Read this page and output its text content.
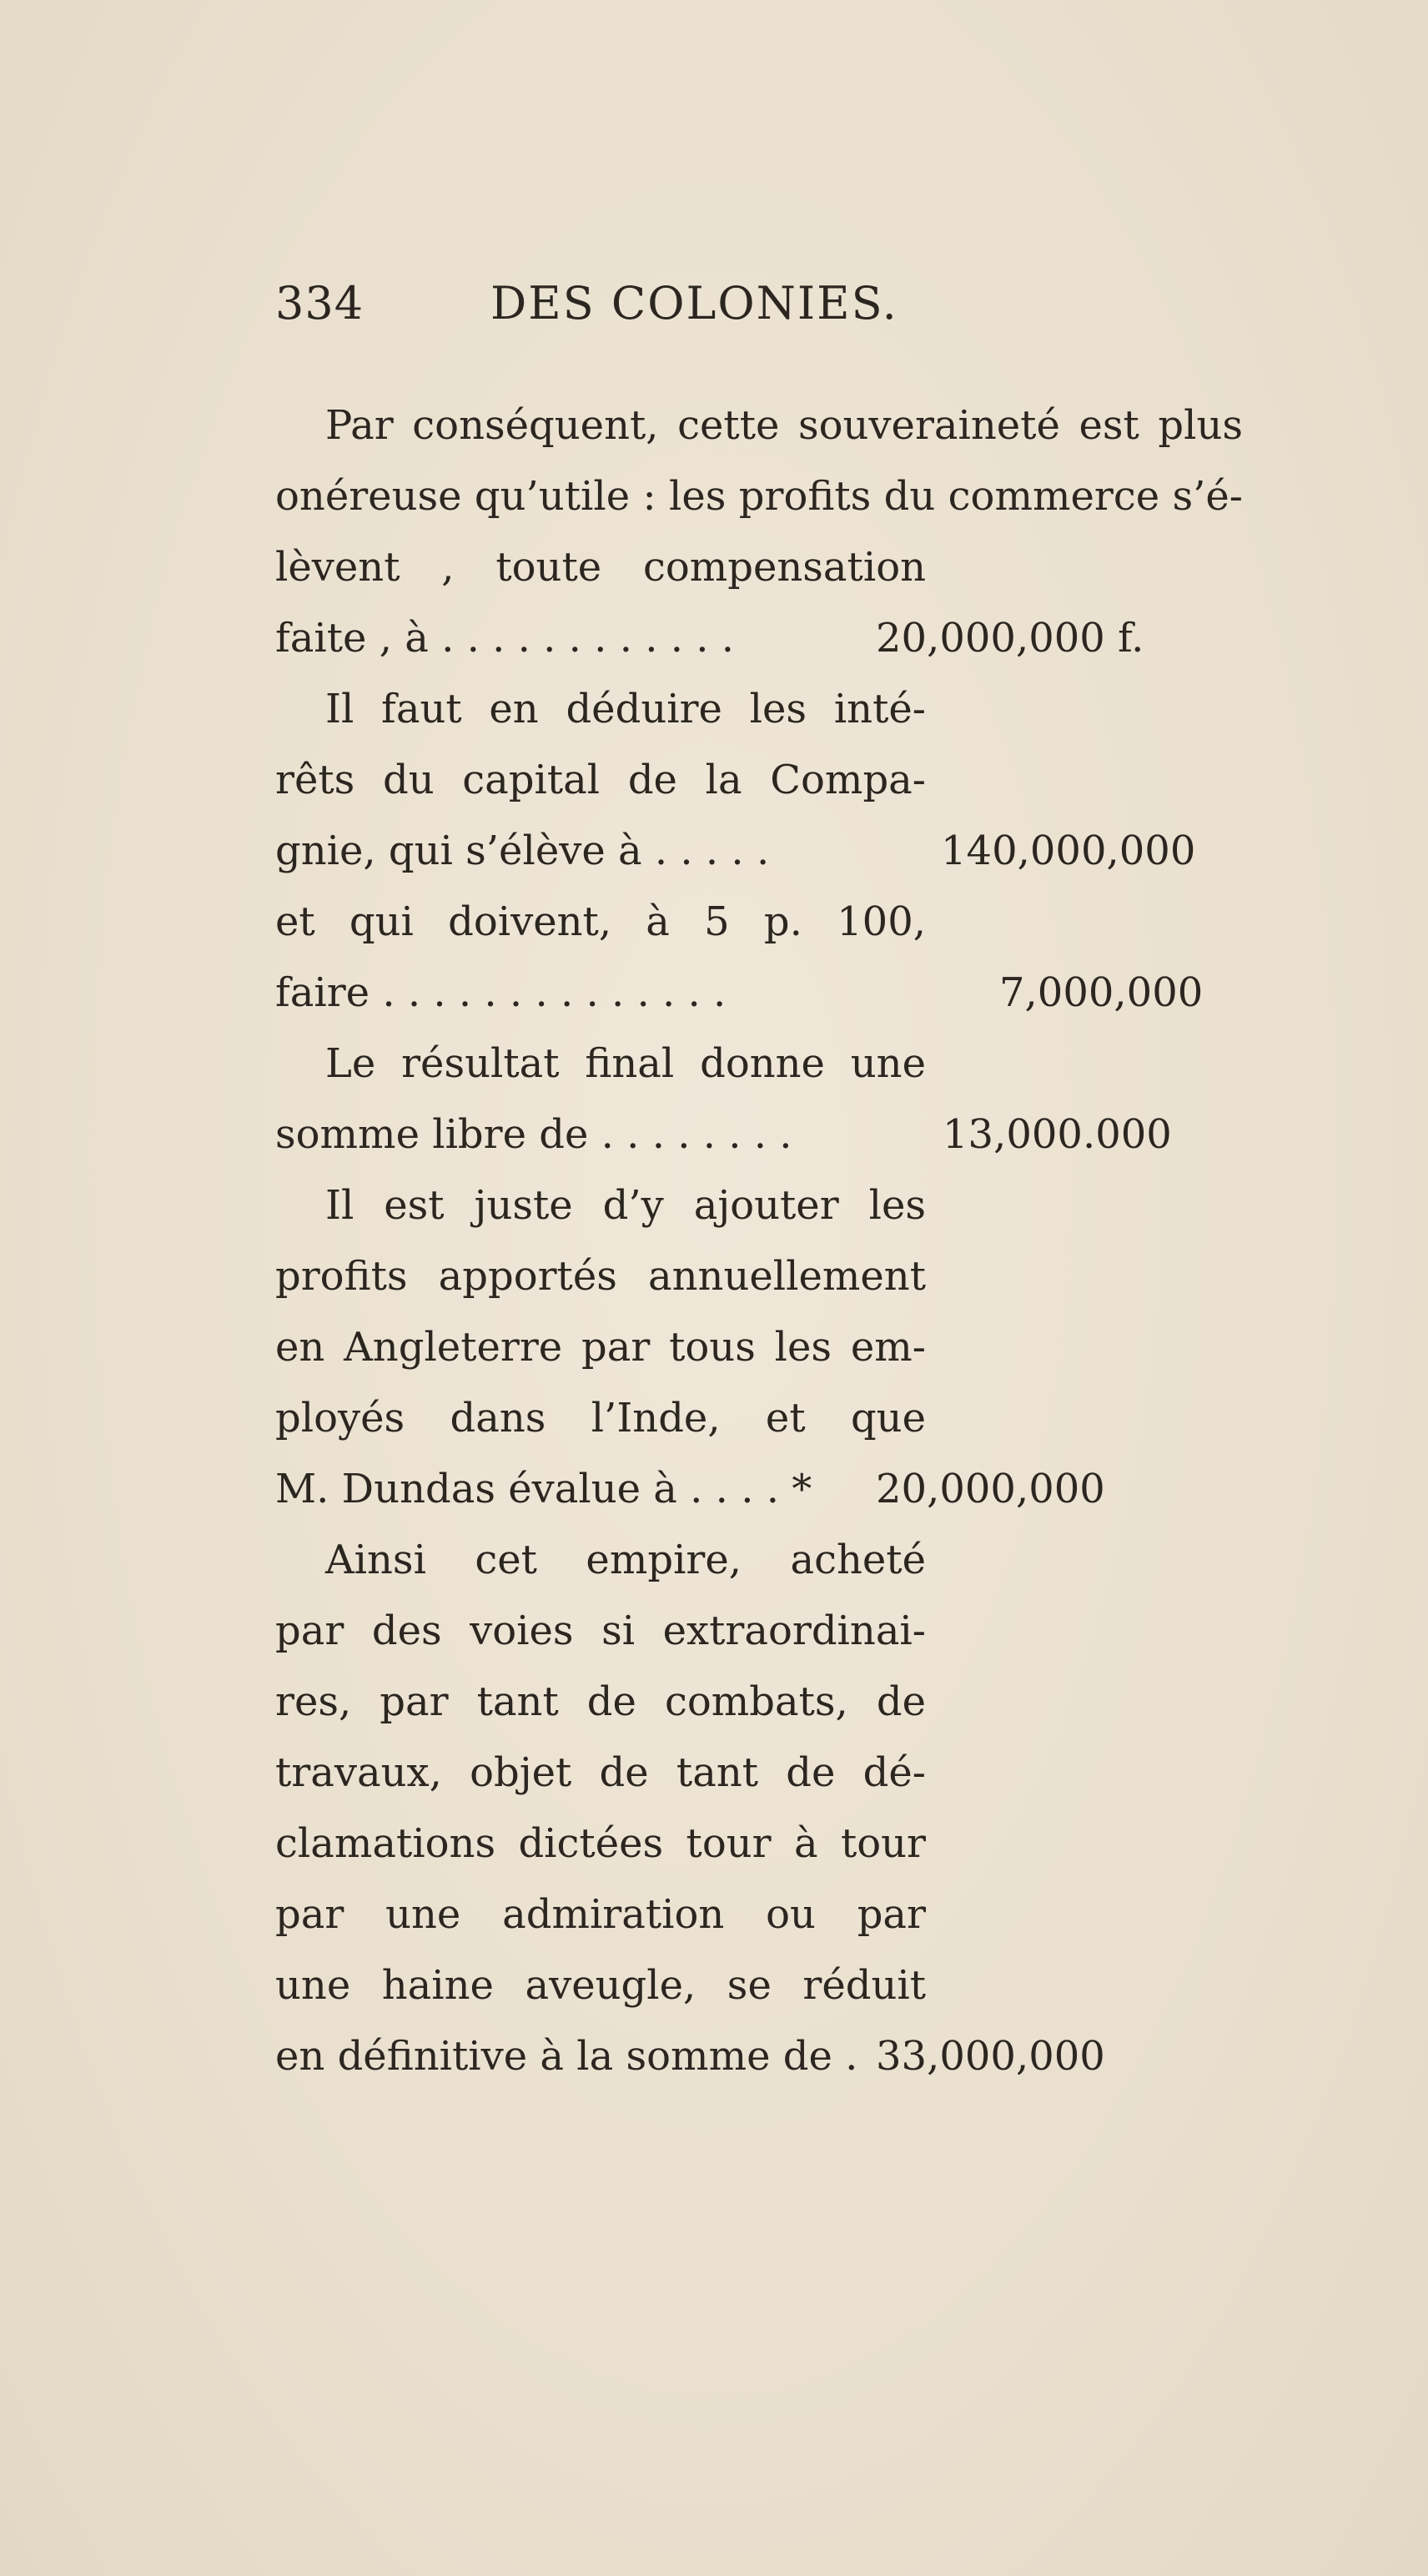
334	DES COLONIES.
Par conséquent, cette souveraineté est plus
onéreuse qu’utile : les profits du commerce s’é-
lèvent , toute compensation
faite , à . . . . . . . . . . . .	20,000,000 f.
Il faut en déduire les inté-
rêts du capital de la Compa-
gnie, qui s’élève à . . . . .	140,000,000
et qui doivent, à 5 p. 100,
faire . . . . . . . . . . . . . .	7,000,000
Le résultat final donne une
somme libre de . . . . . . . .	13,000.000
Il est juste d’y ajouter les
profits apportés annuellement
en Angleterre par tous les em-
ployés dans l’Inde, et que
M. Dundas évalue à . . . . * 20,000,000
Ainsi cet empire, acheté
par des voies si extraordinai-
res, par tant de combats, de
travaux, objet de tant de dé-
clamations dictées tour à tour
par une admiration ou par
une haine aveugle, se réduit
en définitive à la somme de . 33,000,000
